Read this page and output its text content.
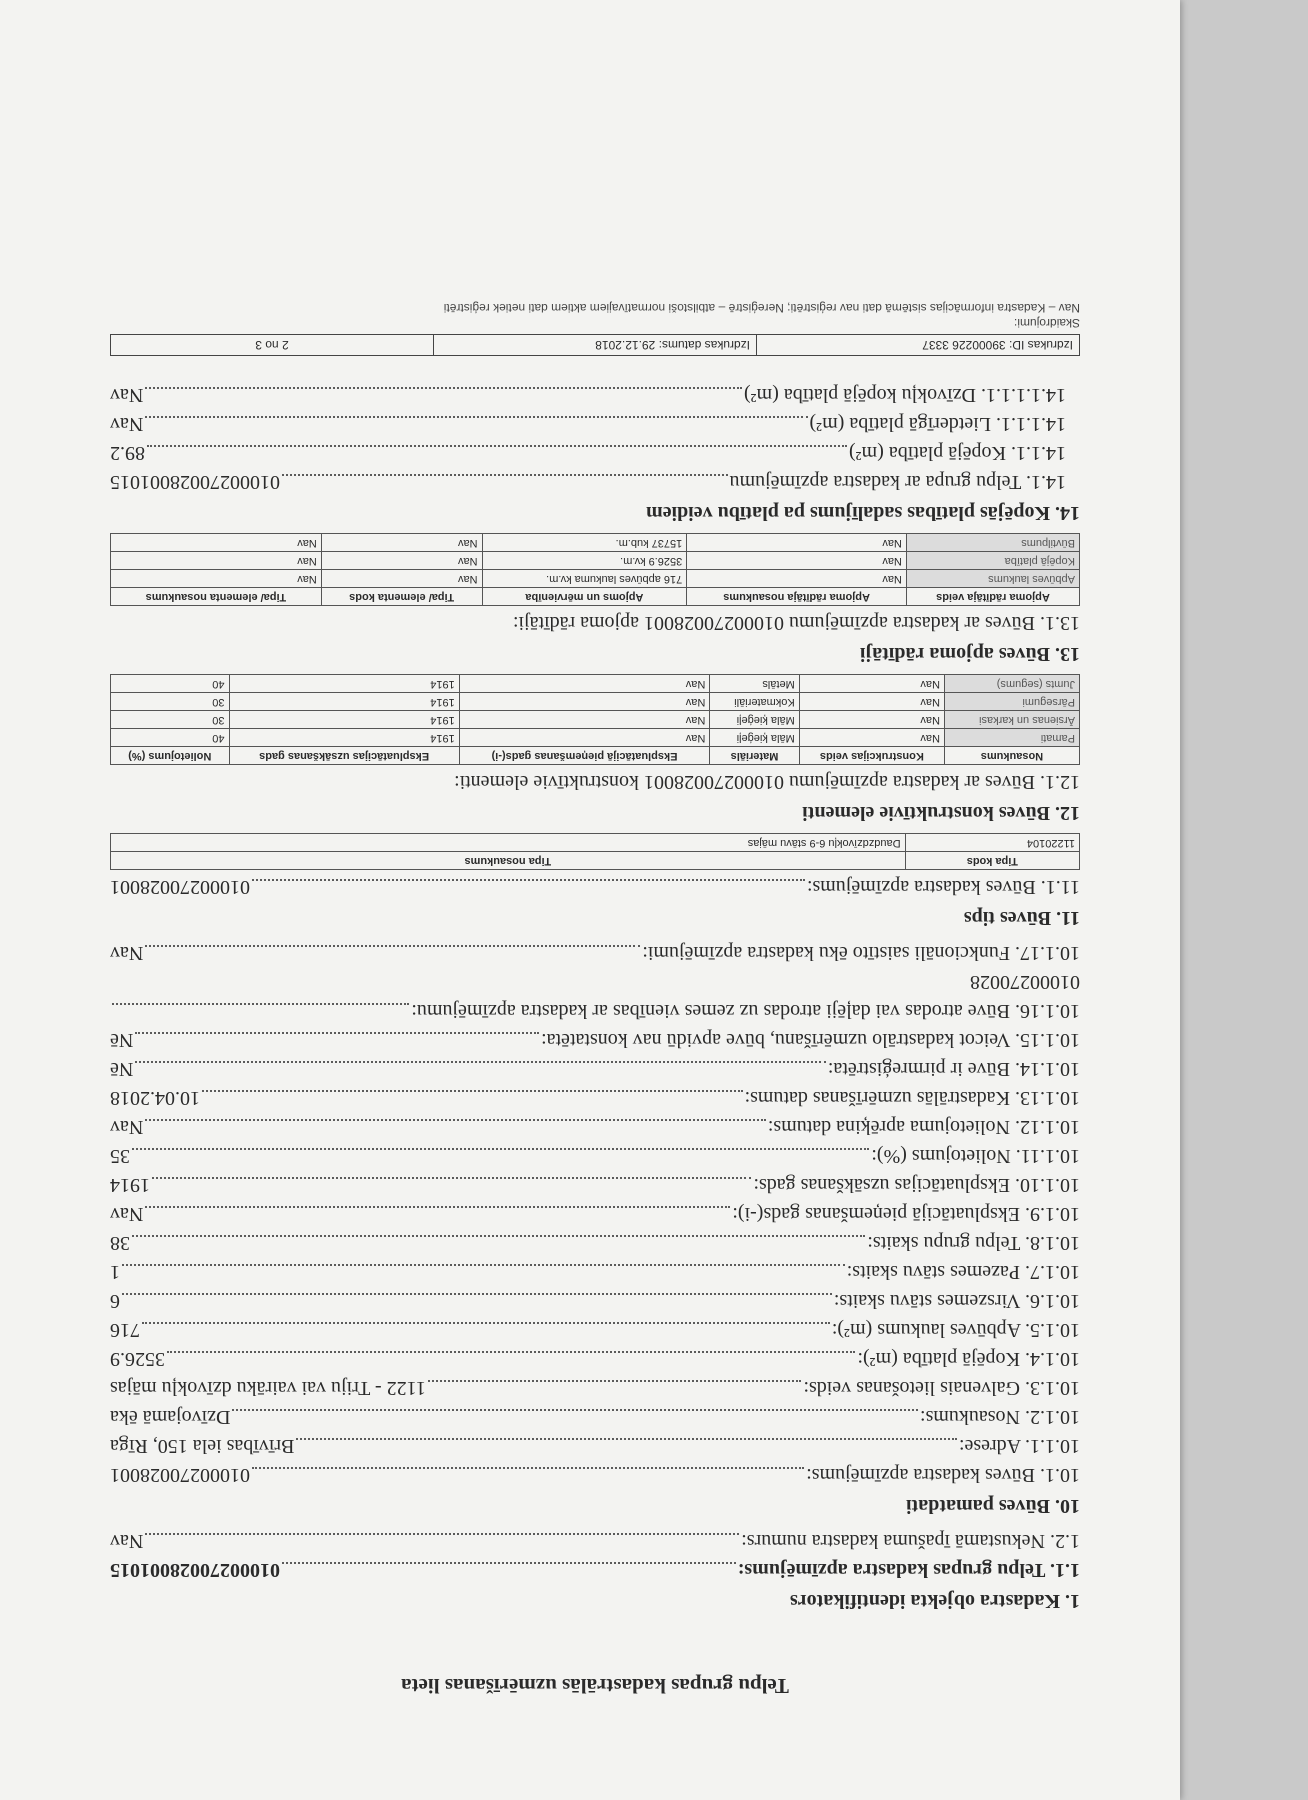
Telpu grupas kadastrālās uzmērīšanas lieta
1. Kadastra objekta identifikators
1.1. Telpu grupas kadastra apzīmējums:
01000270028001015
1.2. Nekustamā īpašuma kadastra numurs:
Nav
10. Būves pamatdati
10.1. Būves kadastra apzīmējums:
01000270028001
10.1.1. Adrese:
Brīvības iela 150, Rīga
10.1.2. Nosaukums:
Dzīvojamā ēka
10.1.3. Galvenais lietošanas veids:
1122 - Triju vai vairāku dzīvokļu mājas
10.1.4. Kopējā platība (m²):
3526.9
10.1.5. Apbūves laukums (m²):
716
10.1.6. Virszemes stāvu skaits:
6
10.1.7. Pazemes stāvu skaits:
1
10.1.8. Telpu grupu skaits:
38
10.1.9. Ekspluatācijā pieņemšanas gads(-i):
Nav
10.1.10. Ekspluatācijas uzsākšanas gads:
1914
10.1.11. Nolietojums (%):
35
10.1.12. Nolietojuma aprēķina datums:
Nav
10.1.13. Kadastrālās uzmērīšanas datums:
10.04.2018
10.1.14. Būve ir pirmreģistrēta:
Nē
10.1.15. Veicot kadastrālo uzmērīšanu, būve apvidū nav konstatēta:
Nē
10.1.16. Būve atrodas vai daļēji atrodas uz zemes vienības ar kadastra apzīmējumu:
01000270028
10.1.17. Funkcionāli saistīto ēku kadastra apzīmējumi:
Nav
11. Būves tips
11.1. Būves kadastra apzīmējums:
01000270028001
Tipa kods	Tipa nosaukums
11220104	Daudzdzīvokļu 6-9 stāvu mājas
12. Būves konstruktīvie elementi
12.1. Būves ar kadastra apzīmējumu 01000270028001 konstruktīvie elementi:
Nosaukums	Konstrukcijas veids	Materiāls	Ekspluatācijā pieņemšanas gads(-i)	Ekspluatācijas uzsākšanas gads	Nolietojums (%)
Pamati	Nav	Māla ķieģeļi	Nav	1914	40
Ārsienas un karkasi	Nav	Māla ķieģeļi	Nav	1914	30
Pārsegumi	Nav	Kokmateriāli	Nav	1914	30
Jumts (segums)	Nav	Metāls	Nav	1914	40
13. Būves apjoma rādītāji
13.1. Būves ar kadastra apzīmējumu 01000270028001 apjoma rādītāji:
Apjoma rādītāja veids	Apjoma rādītāja nosaukums	Apjoms un mērvienība	Tipa/ elementa kods	Tipa/ elementa nosaukums
Apbūves laukums	Nav	716 apbūves laukuma kv.m.	Nav	Nav
Kopējā platība	Nav	3526.9 kv.m.	Nav	Nav
Būvtilpums	Nav	15737 kub.m.	Nav	Nav
14. Kopējās platības sadalījums pa platību veidiem
14.1. Telpu grupa ar kadastra apzīmējumu
01000270028001015
14.1.1. Kopējā platība (m²)
89.2
14.1.1.1. Lietderīgā platība (m²)
Nav
14.1.1.1.1. Dzīvokļu kopējā platība (m²)
Nav
Izdrukas ID: 39000226 3337
Izdrukas datums: 29.12.2018
2 no 3
Skaidrojumi:
Nav – Kadastra informācijas sistēmā dati nav reģistrēti; Nereģistrē – atbilstoši normatīvajiem aktiem dati netiek reģistrēti
